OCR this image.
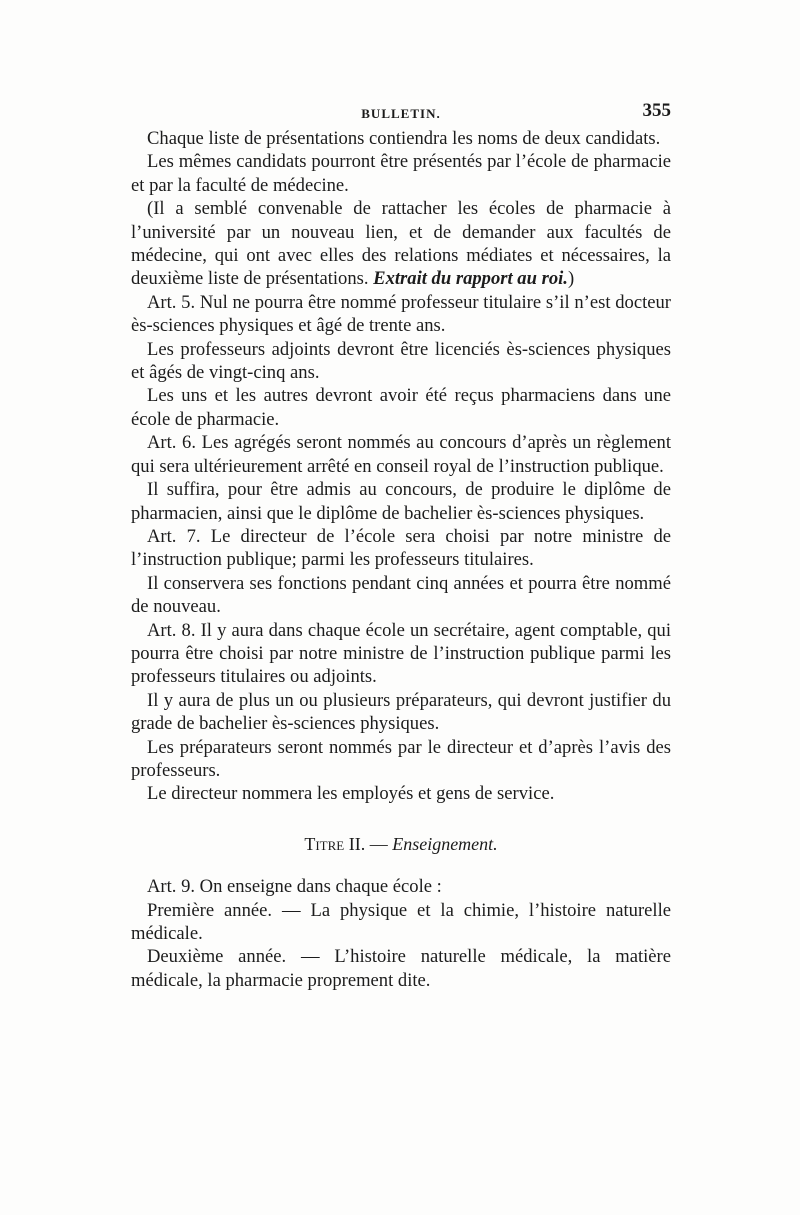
BULLETIN.	355

Chaque liste de présentations contiendra les noms de deux candidats.

Les mêmes candidats pourront être présentés par l’école de pharmacie et par la faculté de médecine.

(Il a semblé convenable de rattacher les écoles de pharmacie à l’université par un nouveau lien, et de demander aux facultés de médecine, qui ont avec elles des relations médiates et nécessaires, la deuxième liste de présentations. Extrait du rapport au roi.)

Art. 5. Nul ne pourra être nommé professeur titulaire s’il n’est docteur ès-sciences physiques et âgé de trente ans.

Les professeurs adjoints devront être licenciés ès-sciences physiques et âgés de vingt-cinq ans.

Les uns et les autres devront avoir été reçus pharmaciens dans une école de pharmacie.

Art. 6. Les agrégés seront nommés au concours d’après un règlement qui sera ultérieurement arrêté en conseil royal de l’instruction publique.

Il suffira, pour être admis au concours, de produire le diplôme de pharmacien, ainsi que le diplôme de bachelier ès-sciences physiques.

Art. 7. Le directeur de l’école sera choisi par notre ministre de l’instruction publique; parmi les professeurs titulaires.

Il conservera ses fonctions pendant cinq années et pourra être nommé de nouveau.

Art. 8. Il y aura dans chaque école un secrétaire, agent comptable, qui pourra être choisi par notre ministre de l’instruction publique parmi les professeurs titulaires ou adjoints.

Il y aura de plus un ou plusieurs préparateurs, qui devront justifier du grade de bachelier ès-sciences physiques.

Les préparateurs seront nommés par le directeur et d’après l’avis des professeurs.

Le directeur nommera les employés et gens de service.

Titre II. — Enseignement.

Art. 9. On enseigne dans chaque école :

Première année. — La physique et la chimie, l’histoire naturelle médicale.

Deuxième année. — L’histoire naturelle médicale, la matière médicale, la pharmacie proprement dite.
